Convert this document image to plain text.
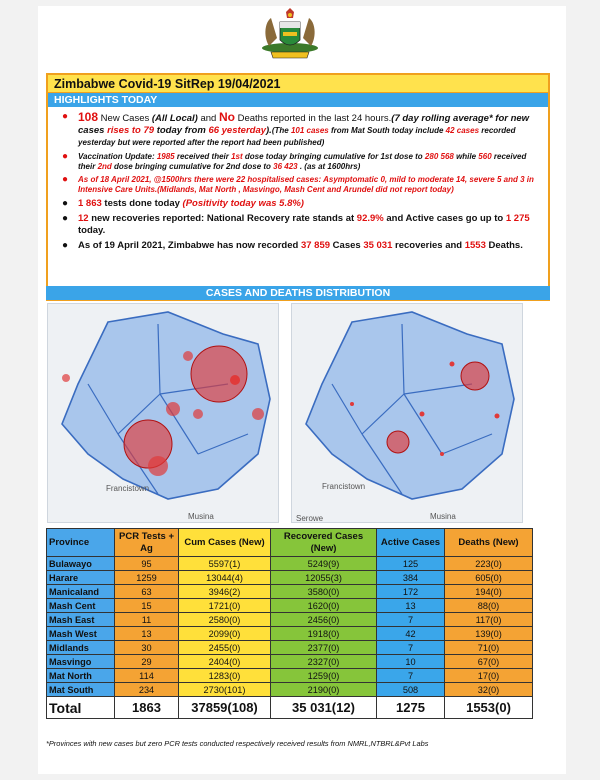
Zimbabwe Covid-19 SitRep 19/04/2021
HIGHLIGHTS TODAY
● 108 New Cases (All Local) and No Deaths reported in the last 24 hours.(7 day rolling average* for new cases rises to 79 today from 66 yesterday).(The 101 cases from Mat South today include 42 cases recorded yesterday but were reported after the report had been published)
● Vaccination Update: 1985 received their 1st dose today bringing cumulative for 1st dose to 280 568 while 560 received their 2nd dose bringing cumulative for 2nd dose to 36 423 . (as at 1600hrs)
● As of 18 April 2021, @1500hrs there were 22 hospitalised cases: Asymptomatic 0, mild to moderate 14, severe 5 and 3 in Intensive Care Units.(Midlands, Mat North , Masvingo, Mash Cent and Arundel did not report today)
● 1 863 tests done today (Positivity today was 5.8%)
● 12 new recoveries reported: National Recovery rate stands at 92.9% and Active cases go up to 1 275 today.
● As of 19 April 2021, Zimbabwe has now recorded 37 859 Cases 35 031 recoveries and 1553 Deaths.
CASES AND DEATHS DISTRIBUTION
Francistown
Musina
Francistown
Musina
Serowe
Province	PCR Tests + Ag	Cum Cases (New)	Recovered Cases (New)	Active Cases	Deaths (New)
Bulawayo	95	5597(1)	5249(9)	125	223(0)
Harare	1259	13044(4)	12055(3)	384	605(0)
Manicaland	63	3946(2)	3580(0)	172	194(0)
Mash Cent	15	1721(0)	1620(0)	13	88(0)
Mash East	11	2580(0)	2456(0)	7	117(0)
Mash West	13	2099(0)	1918(0)	42	139(0)
Midlands	30	2455(0)	2377(0)	7	71(0)
Masvingo	29	2404(0)	2327(0)	10	67(0)
Mat North	114	1283(0)	1259(0)	7	17(0)
Mat South	234	2730(101)	2190(0)	508	32(0)
Total	1863	37859(108)	35 031(12)	1275	1553(0)
*Provinces with new cases but zero PCR tests conducted respectively received results from NMRL,NTBRL&Pvt Labs
